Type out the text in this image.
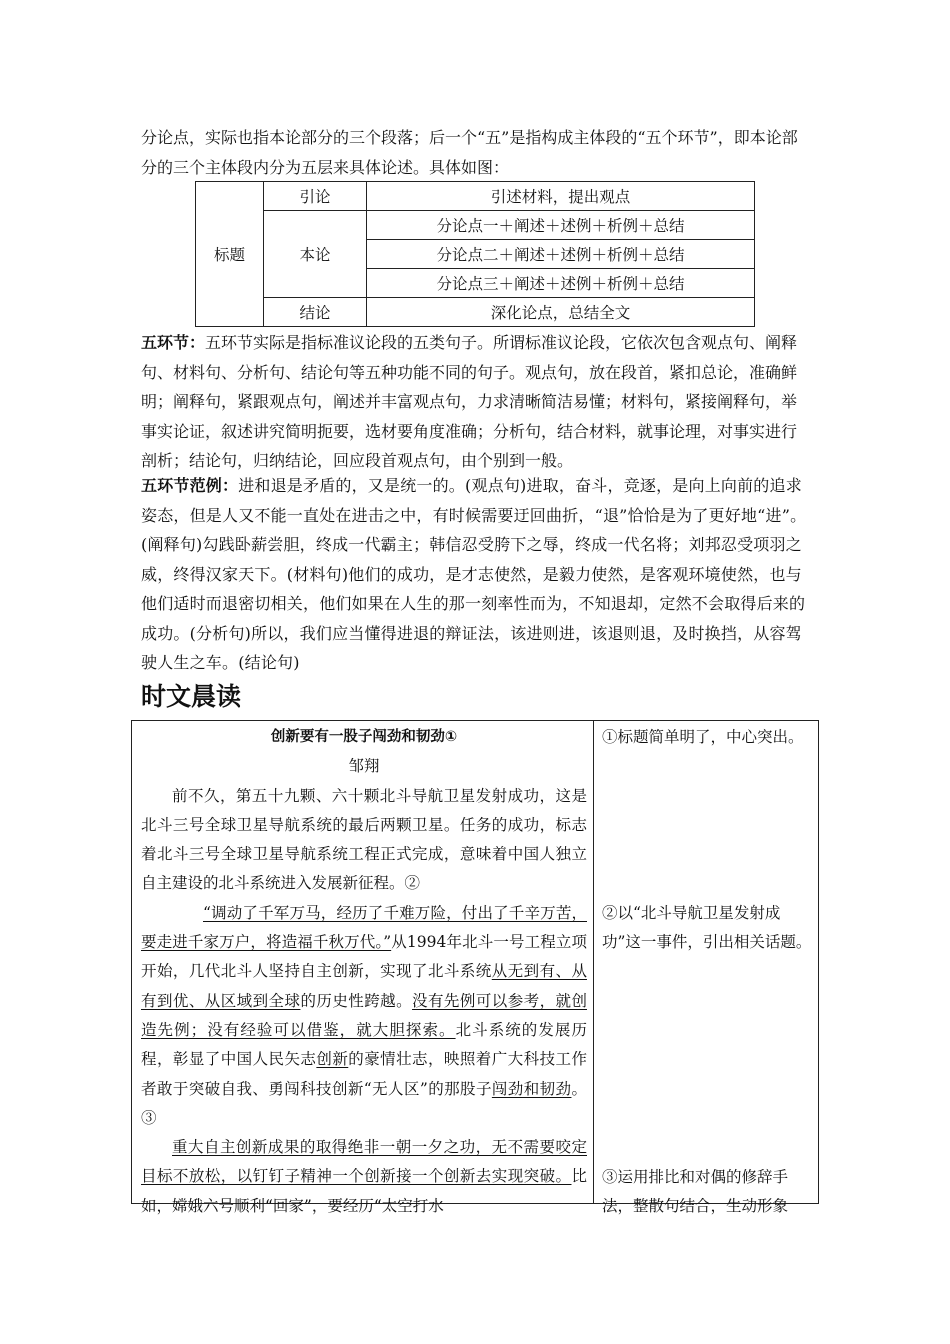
分论点，实际也指本论部分的三个段落；后一个“五”是指构成主体段的“五个环节”，即本论部分的三个主体段内分为五层来具体论述。具体如图：

标题	引论	引述材料，提出观点
	本论	分论点一＋阐述＋述例＋析例＋总结
		分论点二＋阐述＋述例＋析例＋总结
		分论点三＋阐述＋述例＋析例＋总结
	结论	深化论点，总结全文

五环节：五环节实际是指标准议论段的五类句子。所谓标准议论段，它依次包含观点句、阐释句、材料句、分析句、结论句等五种功能不同的句子。观点句，放在段首，紧扣总论，准确鲜明；阐释句，紧跟观点句，阐述并丰富观点句，力求清晰简洁易懂；材料句，紧接阐释句，举事实论证，叙述讲究简明扼要，选材要角度准确；分析句，结合材料，就事论理，对事实进行剖析；结论句，归纳结论，回应段首观点句，由个别到一般。

五环节范例：进和退是矛盾的，又是统一的。(观点句)进取，奋斗，竞逐，是向上向前的追求姿态，但是人又不能一直处在进击之中，有时候需要迂回曲折，“退”恰恰是为了更好地“进”。(阐释句)勾践卧薪尝胆，终成一代霸主；韩信忍受胯下之辱，终成一代名将；刘邦忍受项羽之威，终得汉家天下。(材料句)他们的成功，是才志使然，是毅力使然，是客观环境使然，也与他们适时而退密切相关，他们如果在人生的那一刻率性而为，不知退却，定然不会取得后来的成功。(分析句)所以，我们应当懂得进退的辩证法，该进则进，该退则退，及时换挡，从容驾驶人生之车。(结论句)

时文晨读

创新要有一股子闯劲和韧劲①

邹翔

前不久，第五十九颗、六十颗北斗导航卫星发射成功，这是北斗三号全球卫星导航系统的最后两颗卫星。任务的成功，标志着北斗三号全球卫星导航系统工程正式完成，意味着中国人独立自主建设的北斗系统进入发展新征程。②

“调动了千军万马，经历了千难万险，付出了千辛万苦，要走进千家万户，将造福千秋万代。”从1994年北斗一号工程立项开始，几代北斗人坚持自主创新，实现了北斗系统从无到有、从有到优、从区域到全球的历史性跨越。没有先例可以参考，就创造先例；没有经验可以借鉴，就大胆探索。北斗系统的发展历程，彰显了中国人民矢志创新的豪情壮志，映照着广大科技工作者敢于突破自我、勇闯科技创新“无人区”的那股子闯劲和韧劲。③

重大自主创新成果的取得绝非一朝一夕之功，无不需要咬定目标不放松，以钉钉子精神一个创新接一个创新去实现突破。比如，嫦娥六号顺利“回家”，要经历“太空打水

①标题简单明了，中心突出。

②以“北斗导航卫星发射成功”这一事件，引出相关话题。

③运用排比和对偶的修辞手法，整散句结合，生动形象
